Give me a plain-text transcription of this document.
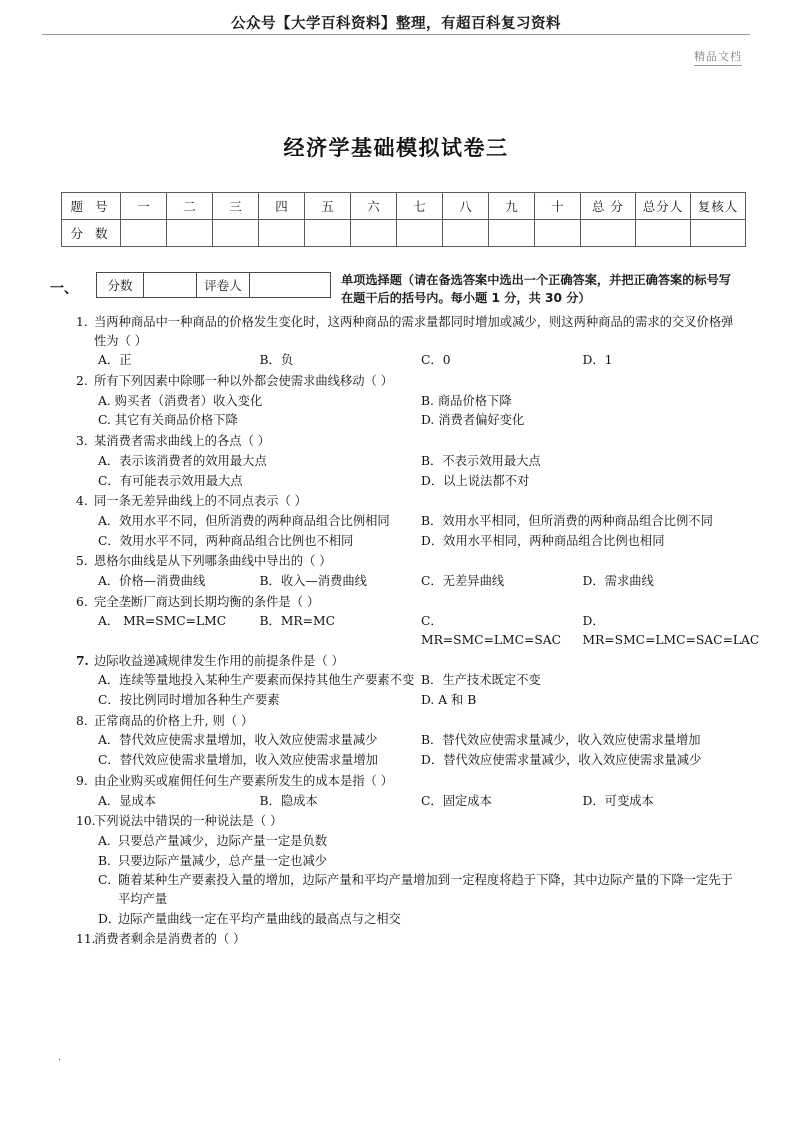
公众号【大学百科资料】整理，有超百科复习资料
精品文档
经济学基础模拟试卷三
题 号	一	二	三	四	五	六	七	八	九	十	总 分	总分人	复核人
分 数													
一、	分数		评卷人		单项选择题（请在备选答案中选出一个正确答案，并把正确答案的标号写在题干后的括号内。每小题 1 分，共 30 分）
1. 当两种商品中一种商品的价格发生变化时，这两种商品的需求量都同时增加或减少，则这两种商品的需求的交叉价格弹性为（ ）
A．正	B．负	C．0	D．1
2. 所有下列因素中除哪一种以外都会使需求曲线移动（ ）
A. 购买者（消费者）收入变化	B. 商品价格下降
C. 其它有关商品价格下降	D. 消费者偏好变化
3. 某消费者需求曲线上的各点（ ）
A．表示该消费者的效用最大点	B．不表示效用最大点
C．有可能表示效用最大点	D．以上说法都不对
4. 同一条无差异曲线上的不同点表示（ ）
A．效用水平不同，但所消费的两种商品组合比例相同	B．效用水平相同，但所消费的两种商品组合比例不同
C．效用水平不同，两种商品组合比例也不相同	D．效用水平相同，两种商品组合比例也相同
5. 恩格尔曲线是从下列哪条曲线中导出的（ ）
A．价格—消费曲线	B．收入—消费曲线	C．无差异曲线	D．需求曲线
6. 完全垄断厂商达到长期均衡的条件是（ ）
A． MR=SMC=LMC	B．MR=MC	C．MR=SMC=LMC=SAC
D．MR=SMC=LMC=SAC=LAC
7. 边际收益递减规律发生作用的前提条件是（ ）
A．连续等量地投入某种生产要素而保持其他生产要素不变 B．生产技术既定不变
C．按比例同时增加各种生产要素	D. A 和 B
8. 正常商品的价格上升, 则（ ）
A．替代效应使需求量增加，收入效应使需求量减少	B．替代效应使需求量减少，收入效应使需求量增加
C．替代效应使需求量增加，收入效应使需求量增加	D．替代效应使需求量减少，收入效应使需求量减少
9. 由企业购买或雇佣任何生产要素所发生的成本是指（ ）
A．显成本	B．隐成本	C．固定成本	D．可变成本
10.
下列说法中错误的一种说法是（ ）
A. 只要总产量减少，边际产量一定是负数
B．
只要边际产量减少，总产量一定也减少
C．
随着某种生产要素投入量的增加，边际产量和平均产量增加到一定程度将趋于下降，其中边际产量的下降一定先于平均产量
D．
边际产量曲线一定在平均产量曲线的最高点与之相交
11.
消费者剩余是消费者的（ ）
.
